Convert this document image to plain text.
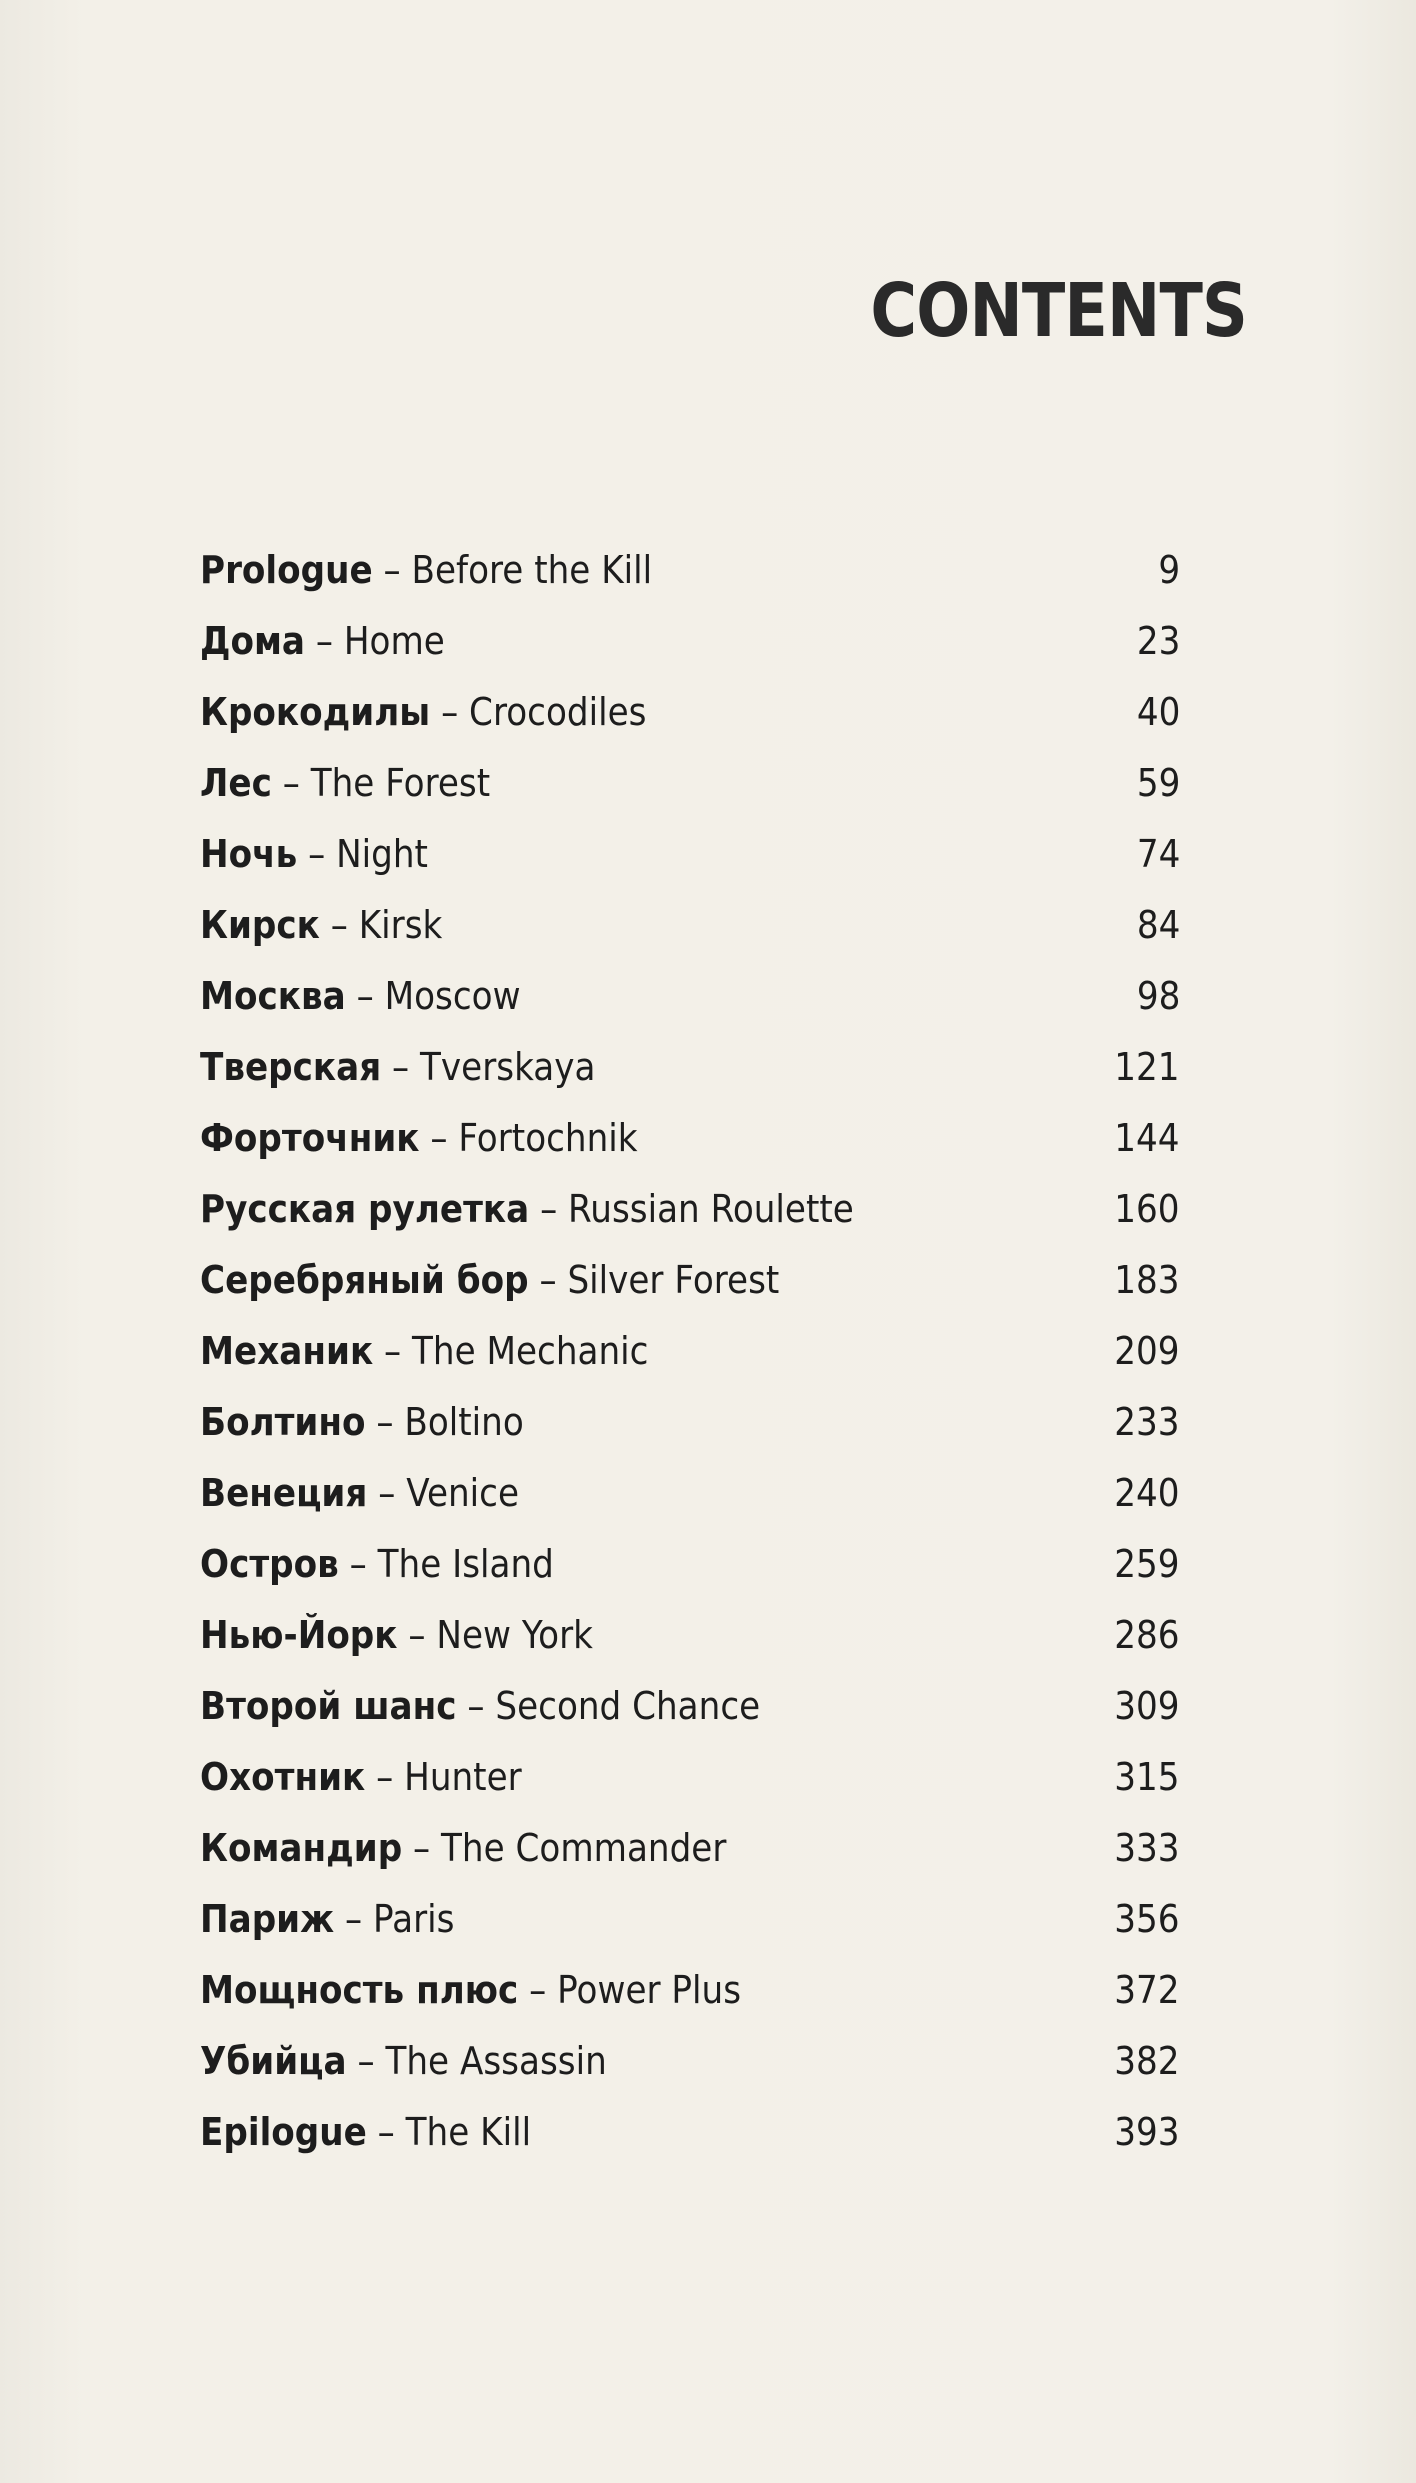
CONTENTS
Prologue – Before the Kill	9
Дома – Home	23
Крокодилы – Crocodiles	40
Лес – The Forest	59
Ночь – Night	74
Кирск – Kirsk	84
Москва – Moscow	98
Тверская – Tverskaya	121
Форточник – Fortochnik	144
Русская рулетка – Russian Roulette	160
Серебряный бор – Silver Forest	183
Механик – The Mechanic	209
Болтино – Boltino	233
Венеция – Venice	240
Остров – The Island	259
Нью-Йорк – New York	286
Второй шанс – Second Chance	309
Охотник – Hunter	315
Командир – The Commander	333
Париж – Paris	356
Мощность плюс – Power Plus	372
Убийца – The Assassin	382
Epilogue – The Kill	393
